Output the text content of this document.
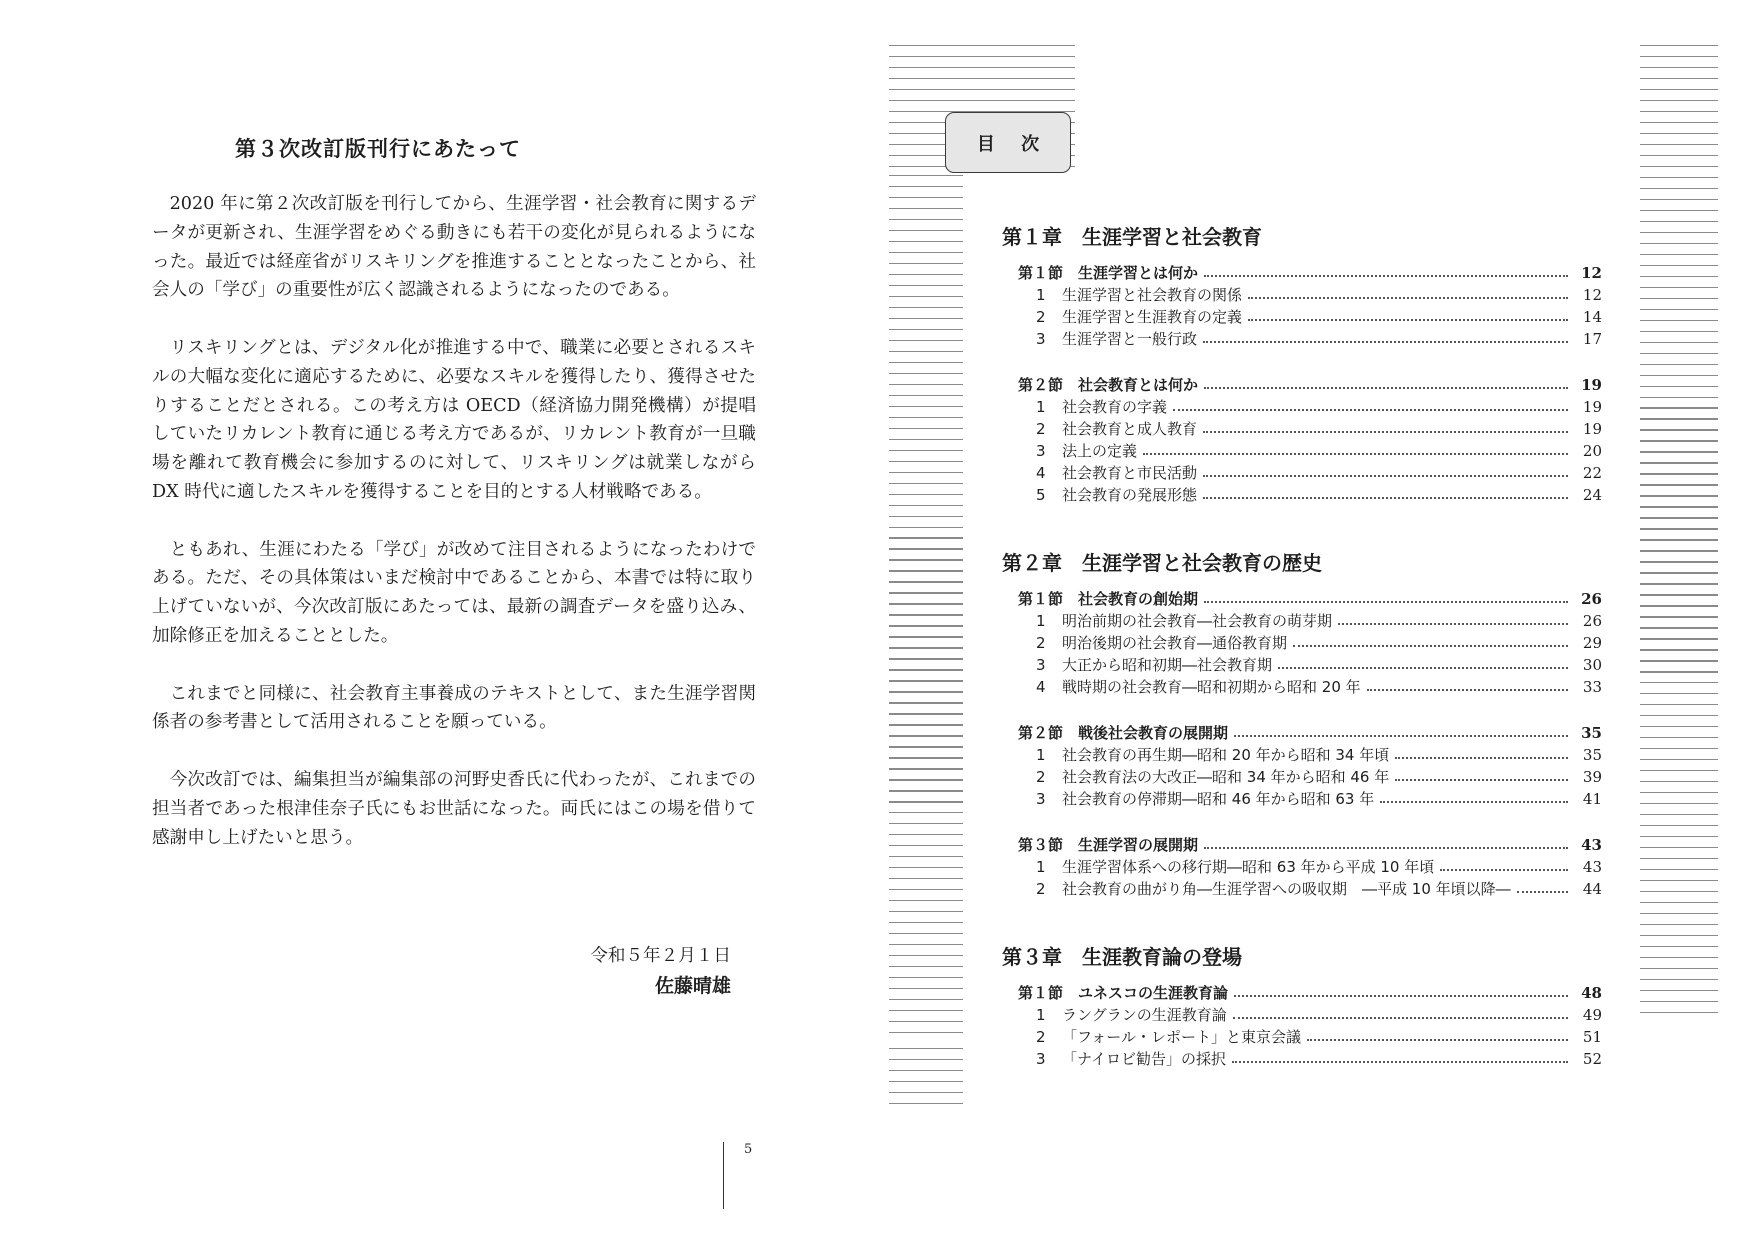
第３次改訂版刊行にあたって

2020 年に第２次改訂版を刊行してから、生涯学習・社会教育に関するデータが更新され、生涯学習をめぐる動きにも若干の変化が見られるようになった。最近では経産省がリスキリングを推進することとなったことから、社会人の「学び」の重要性が広く認識されるようになったのである。

リスキリングとは、デジタル化が推進する中で、職業に必要とされるスキルの大幅な変化に適応するために、必要なスキルを獲得したり、獲得させたりすることだとされる。この考え方は OECD（経済協力開発機構）が提唱していたリカレント教育に通じる考え方であるが、リカレント教育が一旦職場を離れて教育機会に参加するのに対して、リスキリングは就業しながら DX 時代に適したスキルを獲得することを目的とする人材戦略である。

ともあれ、生涯にわたる「学び」が改めて注目されるようになったわけである。ただ、その具体策はいまだ検討中であることから、本書では特に取り上げていないが、今次改訂版にあたっては、最新の調査データを盛り込み、加除修正を加えることとした。

これまでと同様に、社会教育主事養成のテキストとして、また生涯学習関係者の参考書として活用されることを願っている。

今次改訂では、編集担当が編集部の河野史香氏に代わったが、これまでの担当者であった根津佳奈子氏にもお世話になった。両氏にはこの場を借りて感謝申し上げたいと思う。

令和５年２月１日
佐藤晴雄
5
目 次
第１章　生涯学習と社会教育
第１節　生涯学習とは何か	12
1 生涯学習と社会教育の関係	12
2 生涯学習と生涯教育の定義	14
3 生涯学習と一般行政	17
第２節　社会教育とは何か	19
1 社会教育の字義	19
2 社会教育と成人教育	19
3 法上の定義	20
4 社会教育と市民活動	22
5 社会教育の発展形態	24
第２章　生涯学習と社会教育の歴史
第１節　社会教育の創始期	26
1 明治前期の社会教育―社会教育の萌芽期	26
2 明治後期の社会教育―通俗教育期	29
3 大正から昭和初期―社会教育期	30
4 戦時期の社会教育―昭和初期から昭和 20 年	33
第２節　戦後社会教育の展開期	35
1 社会教育の再生期―昭和 20 年から昭和 34 年頃	35
2 社会教育法の大改正―昭和 34 年から昭和 46 年	39
3 社会教育の停滞期―昭和 46 年から昭和 63 年	41
第３節　生涯学習の展開期	43
1 生涯学習体系への移行期―昭和 63 年から平成 10 年頃	43
2 社会教育の曲がり角―生涯学習への吸収期　―平成 10 年頃以降―	44
第３章　生涯教育論の登場
第１節　ユネスコの生涯教育論	48
1 ラングランの生涯教育論	49
2 「フォール・レポート」と東京会議	51
3 「ナイロビ勧告」の採択	52
